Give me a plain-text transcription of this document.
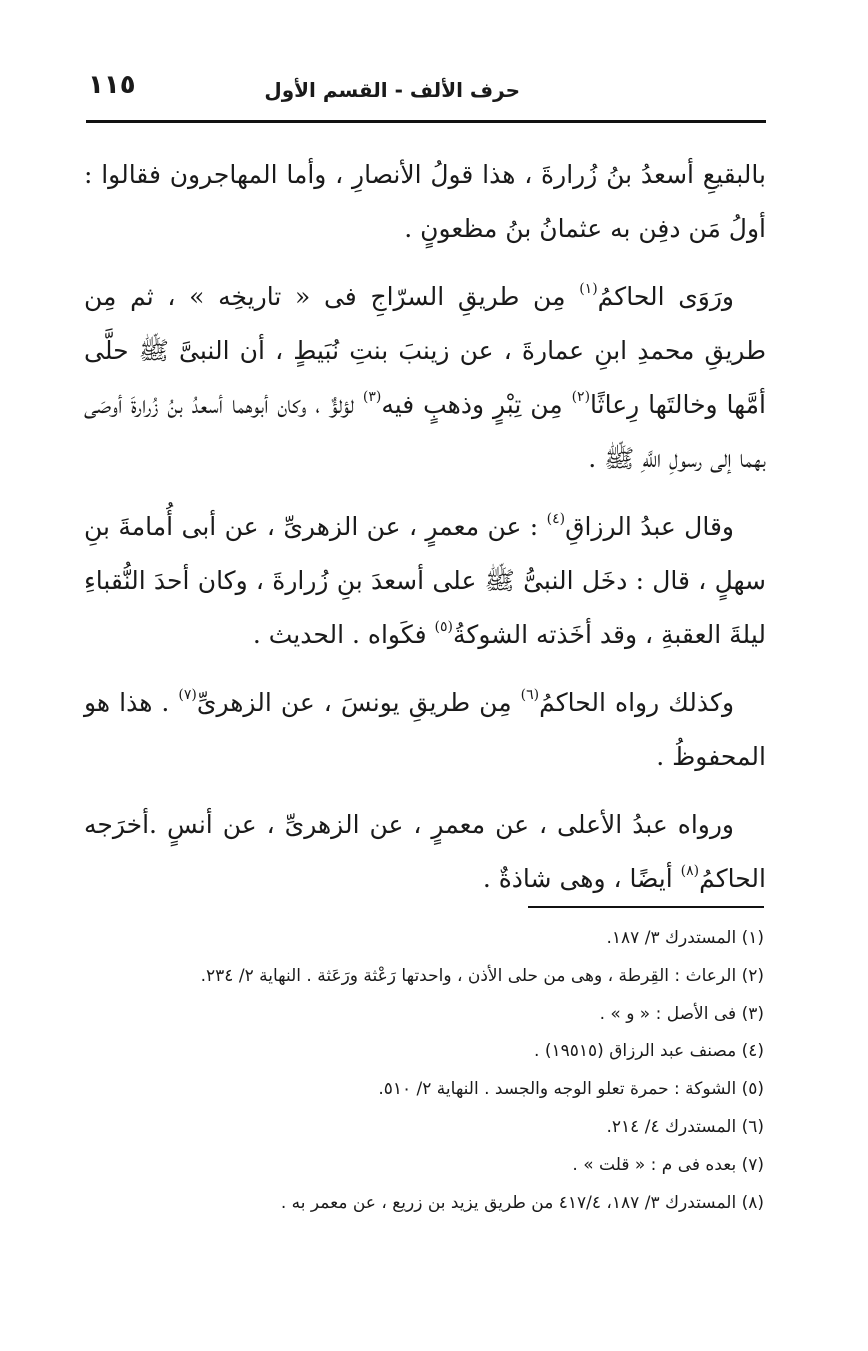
١١٥	حرف الألف - القسم الأول

بالبقيعِ أسعدُ بنُ زُرارةَ ، هذا قولُ الأنصارِ ، وأما المهاجرون فقالوا : أولُ مَن دفِن به عثمانُ بنُ مظعونٍ .

ورَوَى الحاكمُ$^{(١)}$ مِن طريقِ السرّاجِ فى « تاريخِه » ، ثم مِن طريقِ محمدِ ابنِ عمارةَ ، عن زينبَ بنتِ نُبَيطٍ ، أن النبىَّ ﷺ حلَّى أمَّها وخالتَها رِعاثًا$^{(٢)}$ مِن تِبْرٍ وذهبٍ فيه$^{(٣)}$ لؤلؤٌ ، وكان أبوهما أسعدُ بنُ زُرارةَ أوصَى بهما إلى رسولِ اللَّهِ ﷺ .

وقال عبدُ الرزاقِ$^{(٤)}$ : عن معمرٍ ، عن الزهرىِّ ، عن أبى أُمامةَ بنِ سهلٍ ، قال : دخَل النبىُّ ﷺ على أسعدَ بنِ زُرارةَ ، وكان أحدَ النُّقباءِ ليلةَ العقبةِ ، وقد أخَذته الشوكةُ$^{(٥)}$ فكَواه . الحديث .

وكذلك رواه الحاكمُ$^{(٦)}$ مِن طريقِ يونسَ ، عن الزهرىِّ$^{(٧)}$ . هذا هو المحفوظُ .

ورواه عبدُ الأعلى ، عن معمرٍ ، عن الزهرىِّ ، عن أنسٍ .أخرَجه الحاكمُ$^{(٨)}$ أيضًا ، وهى شاذةٌ .

(١) المستدرك ٣/ ١٨٧.

(٢) الرعاث : القِرطة ، وهى من حلى الأذن ، واحدتها رَعْثة ورَعَثة . النهاية ٢/ ٢٣٤.

(٣) فى الأصل : « و » .

(٤) مصنف عبد الرزاق (١٩٥١٥) .

(٥) الشوكة : حمرة تعلو الوجه والجسد . النهاية ٢/ ٥١٠.

(٦) المستدرك ٤/ ٢١٤.

(٧) بعده فى م : « قلت » .

(٨) المستدرك ٣/ ١٨٧، ٤١٧/٤ من طريق يزيد بن زريع ، عن معمر به .
